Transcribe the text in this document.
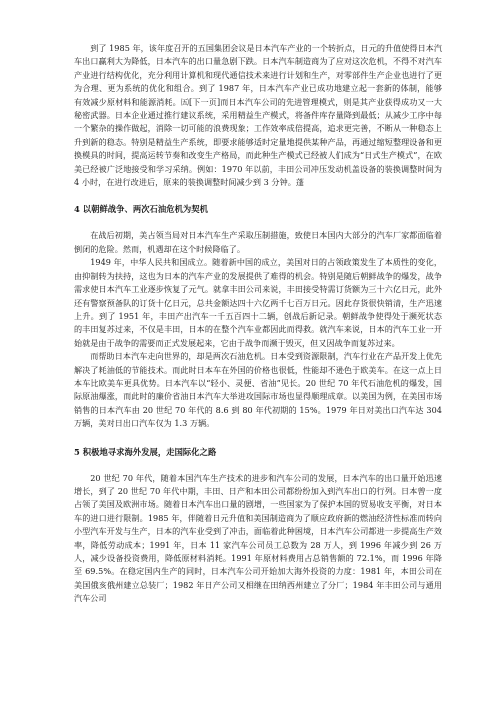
到了 1985 年，该年度召开的五国集团会议是日本汽车产业的一个转折点，日元的升值使得日本汽车出口赢利大为降低，日本汽车的出口量急剧下跌。日本汽车制造商为了应对这次危机，不得不对汽车产业进行结构优化，充分利用计算机和现代通信技术来进行计划和生产，对零部件生产企业也进行了更为合理、更为系统的优化和组合。到了 1987 年，日本汽车产业已成功地建立起一套新的体制，能够有效减少原材料和能源消耗。㈤[下一页]而日本汽车公司的先进管理模式，则是其产业获得成功又一大秘密武器。日本企业通过推行建议系统，采用精益生产模式，将备件库存量降到最低；从减少工序中每一个繁杂的操作做起，消除一切可能的浪费现象；工作效率成倍提高，追求更完善，不断从一种稳态上升到新的稳态。特别是精益生产系统，即要求能够适时定量地提供某种产品，再通过缩短整理设备和更换模具的时间，提高运转节奏和改变生产格局，而此种生产模式已经被人们成为“日式生产模式”，在欧美已经被广泛地接受和学习采纳。例如：1970 年以前，丰田公司冲压发动机盖设备的装换调整时间为 4 小时，在进行改进后，原来的装换调整时间减少到 3 分钟。蓬

4 以朝鲜战争、两次石油危机为契机

在战后初期，美占领当局对日本汽车生产采取压制措施，致使日本国内大部分的汽车厂家都面临着倒闭的危险。然而，机遇却在这个时候降临了。

1949 年，中华人民共和国成立。随着新中国的成立，美国对日的占领政策发生了本质性的变化，由抑制转为扶持，这也为日本的汽车产业的发展提供了难得的机会。特别是随后朝鲜战争的爆发，战争需求使日本汽车工业逐步恢复了元气。就拿丰田公司来说，丰田接受特需订货额为三十六亿日元，此外还有警察预备队的订货十亿日元，总共金额达四十六亿两千七百万日元。因此存货很快销清，生产迅速上升。到了 1951 年，丰田产出汽车一千五百四十二辆，创战后新记录。朝鲜战争使得处于濒死状态的丰田复苏过来，不仅是丰田，日本的在整个汽车业都因此而得救。就汽车来说，日本的汽车工业一开始就是由于战争的需要而正式发展起来，它由于战争而濒于毁灭，但又因战争而复苏过来。

而帮助日本汽车走向世界的，却是两次石油危机。日本受到资源限制，汽车行业在产品开发上优先解决了耗油低的节能技术。而此时日本车在外国的价格也很低，性能却不逊色于欧美车。在这一点上日本车比欧美车更具优势。日本汽车以“轻小、灵便、省油”见长。20 世纪 70 年代石油危机的爆发，国际原油爆涨，而此时的廉价省油日本汽车大举进攻国际市场也显得顺理成章。以美国为例，在美国市场销售的日本汽车由 20 世纪 70 年代的 8.6 到 80 年代初期的 15%。1979 年日对美出口汽车达 304 万辆，美对日出口汽车仅为 1.3 万辆。

5 积极地寻求海外发展，走国际化之路

20 世纪 70 年代，随着本国汽车生产技术的进步和汽车公司的发展，日本汽车的出口量开始迅速增长，到了 20 世纪 70 年代中期，丰田、日产和本田公司都纷纷加入到汽车出口的行列。日本曾一度占领了美国及欧洲市场。随着日本汽车出口量的剧增，一些国家为了保护本国的贸易收支平衡，对日本车的进口进行限制。1985 年，伴随着日元升值和美国制造商为了顺应政府新的燃油经济性标准而转向小型汽车开发与生产，日本的汽车业受到了冲击，面临着此种困境，日本汽车公司都进一步提高生产效率，降低劳动成本；1991 年，日本 11 家汽车公司员工总数为 28 万人，到 1996 年减少到 26 万人，减少设备投资费用，降低原材料消耗。1991 年原材料费用占总销售额的 72.1%，而 1996 年降至 69.5%。在稳定国内生产的同时，日本汽车公司开始加大海外投资的力度：1981 年，本田公司在美国俄亥俄州建立总装厂；1982 年日产公司又相继在田纳西州建立了分厂；1984 年丰田公司与通用汽车公司
